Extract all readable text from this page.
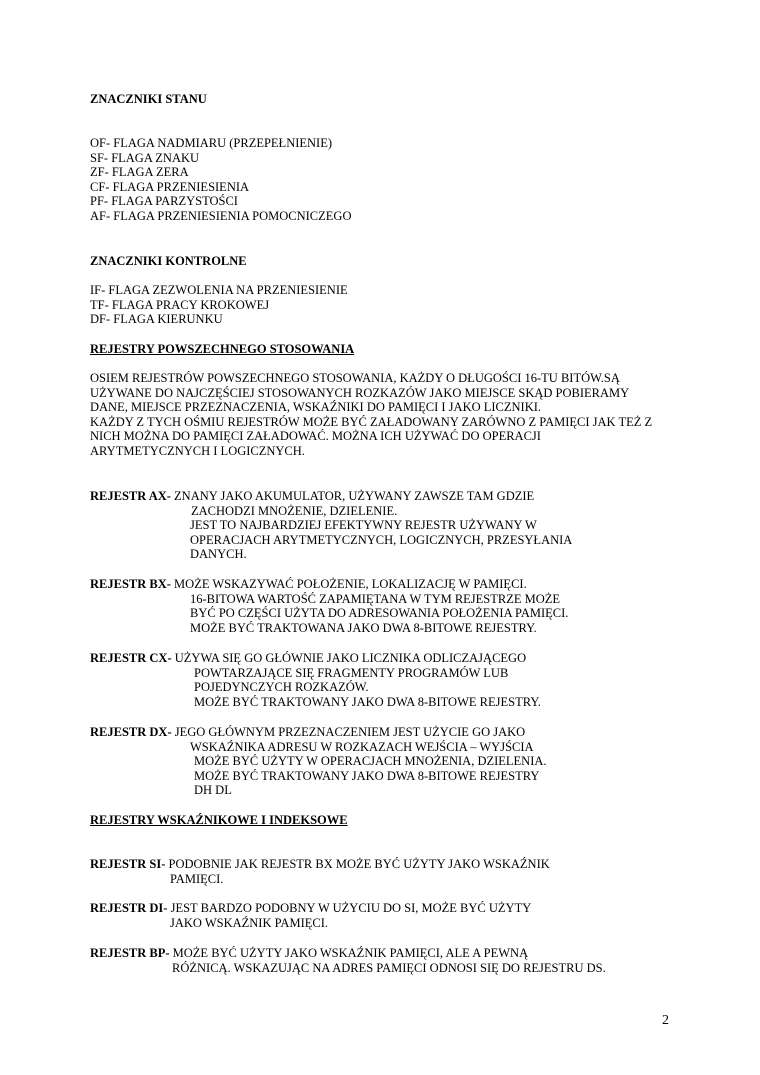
ZNACZNIKI STANU
OF- FLAGA NADMIARU (PRZEPEŁNIENIE)
SF- FLAGA ZNAKU
ZF- FLAGA ZERA
CF- FLAGA PRZENIESIENIA
PF- FLAGA PARZYSTOŚCI
AF- FLAGA PRZENIESIENIA POMOCNICZEGO
ZNACZNIKI KONTROLNE
IF- FLAGA ZEZWOLENIA NA PRZENIESIENIE
TF- FLAGA PRACY KROKOWEJ
DF- FLAGA KIERUNKU
REJESTRY POWSZECHNEGO STOSOWANIA
OSIEM REJESTRÓW POWSZECHNEGO STOSOWANIA, KAŻDY O DŁUGOŚCI 16-TU BITÓW.SĄ
UŻYWANE DO NAJCZĘŚCIEJ STOSOWANYCH ROZKAZÓW JAKO MIEJSCE SKĄD POBIERAMY
DANE, MIEJSCE PRZEZNACZENIA, WSKAŹNIKI DO PAMIĘCI I JAKO LICZNIKI.
KAŻDY Z TYCH OŚMIU REJESTRÓW MOŻE BYĆ ZAŁADOWANY ZARÓWNO Z PAMIĘCI JAK TEŻ Z
NICH MOŻNA DO PAMIĘCI ZAŁADOWAĆ. MOŻNA ICH UŻYWAĆ DO OPERACJI
ARYTMETYCZNYCH I LOGICZNYCH.
REJESTR AX- ZNANY JAKO AKUMULATOR, UŻYWANY ZAWSZE TAM GDZIE
ZACHODZI MNOŻENIE, DZIELENIE.
JEST TO NAJBARDZIEJ EFEKTYWNY REJESTR UŻYWANY W
OPERACJACH ARYTMETYCZNYCH, LOGICZNYCH, PRZESYŁANIA
DANYCH.
REJESTR BX- MOŻE WSKAZYWAĆ POŁOŻENIE, LOKALIZACJĘ W PAMIĘCI.
16-BITOWA WARTOŚĆ ZAPAMIĘTANA W TYM REJESTRZE MOŻE
BYĆ PO CZĘŚCI UŻYTA DO ADRESOWANIA POŁOŻENIA PAMIĘCI.
MOŻE BYĆ TRAKTOWANA JAKO DWA 8-BITOWE REJESTRY.
REJESTR CX- UŻYWA SIĘ GO GŁÓWNIE JAKO LICZNIKA ODLICZAJĄCEGO
POWTARZAJĄCE SIĘ FRAGMENTY PROGRAMÓW LUB
POJEDYNCZYCH ROZKAZÓW.
MOŻE BYĆ TRAKTOWANY JAKO DWA 8-BITOWE REJESTRY.
REJESTR DX- JEGO GŁÓWNYM PRZEZNACZENIEM JEST UŻYCIE GO JAKO
WSKAŹNIKA ADRESU W ROZKAZACH WEJŚCIA – WYJŚCIA
MOŻE BYĆ UŻYTY W OPERACJACH MNOŻENIA, DZIELENIA.
MOŻE BYĆ TRAKTOWANY JAKO DWA 8-BITOWE REJESTRY
DH DL
REJESTRY WSKAŹNIKOWE I INDEKSOWE
REJESTR SI- PODOBNIE JAK REJESTR BX MOŻE BYĆ UŻYTY JAKO WSKAŹNIK
PAMIĘCI.
REJESTR DI- JEST BARDZO PODOBNY W UŻYCIU DO SI, MOŻE BYĆ UŻYTY
JAKO WSKAŹNIK PAMIĘCI.
REJESTR BP- MOŻE BYĆ UŻYTY JAKO WSKAŹNIK PAMIĘCI, ALE A PEWNĄ
RÓŻNICĄ. WSKAZUJĄC NA ADRES PAMIĘCI ODNOSI SIĘ DO REJESTRU DS.
2
